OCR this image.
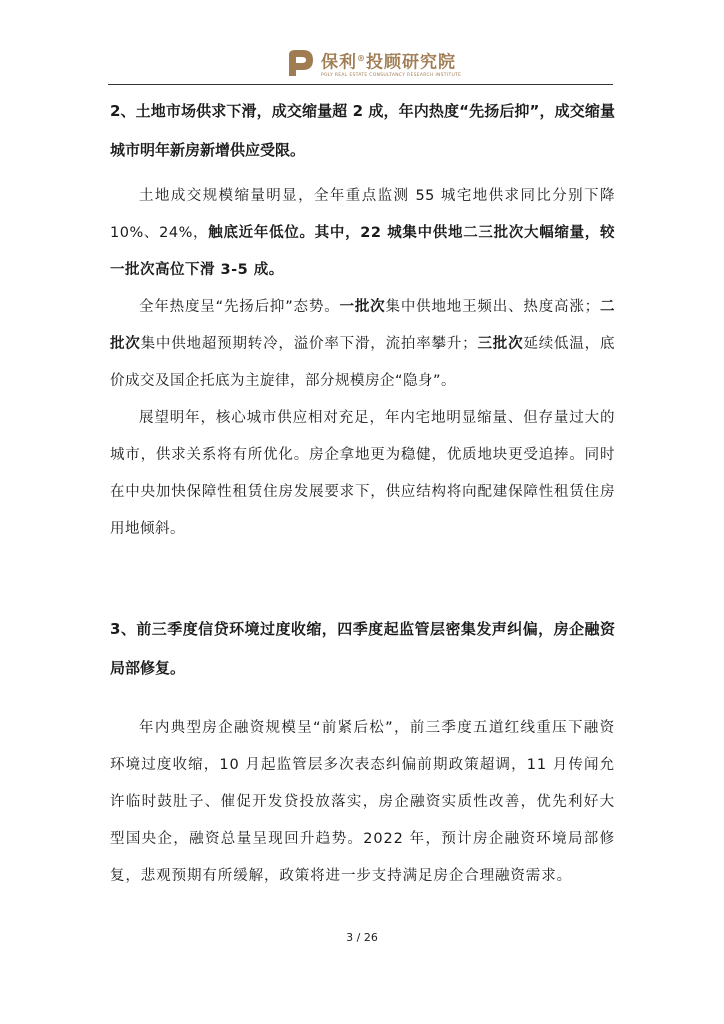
保利®投顾研究院
POLY REAL ESTATE CONSULTANCY RESEARCH INSTITUTE

2、土地市场供求下滑，成交缩量超 2 成，年内热度“先扬后抑”，成交缩量城市明年新房新增供应受限。

土地成交规模缩量明显，全年重点监测 55 城宅地供求同比分别下降 10%、24%，触底近年低位。其中，22 城集中供地二三批次大幅缩量，较一批次高位下滑 3-5 成。

全年热度呈“先扬后抑”态势。一批次集中供地地王频出、热度高涨；二批次集中供地超预期转冷，溢价率下滑，流拍率攀升；三批次延续低温，底价成交及国企托底为主旋律，部分规模房企“隐身”。

展望明年，核心城市供应相对充足，年内宅地明显缩量、但存量过大的城市，供求关系将有所优化。房企拿地更为稳健，优质地块更受追捧。同时在中央加快保障性租赁住房发展要求下，供应结构将向配建保障性租赁住房用地倾斜。

3、前三季度信贷环境过度收缩，四季度起监管层密集发声纠偏，房企融资局部修复。

年内典型房企融资规模呈“前紧后松”，前三季度五道红线重压下融资环境过度收缩，10 月起监管层多次表态纠偏前期政策超调，11 月传闻允许临时鼓肚子、催促开发贷投放落实，房企融资实质性改善，优先利好大型国央企，融资总量呈现回升趋势。2022 年，预计房企融资环境局部修复，悲观预期有所缓解，政策将进一步支持满足房企合理融资需求。

3 / 26
